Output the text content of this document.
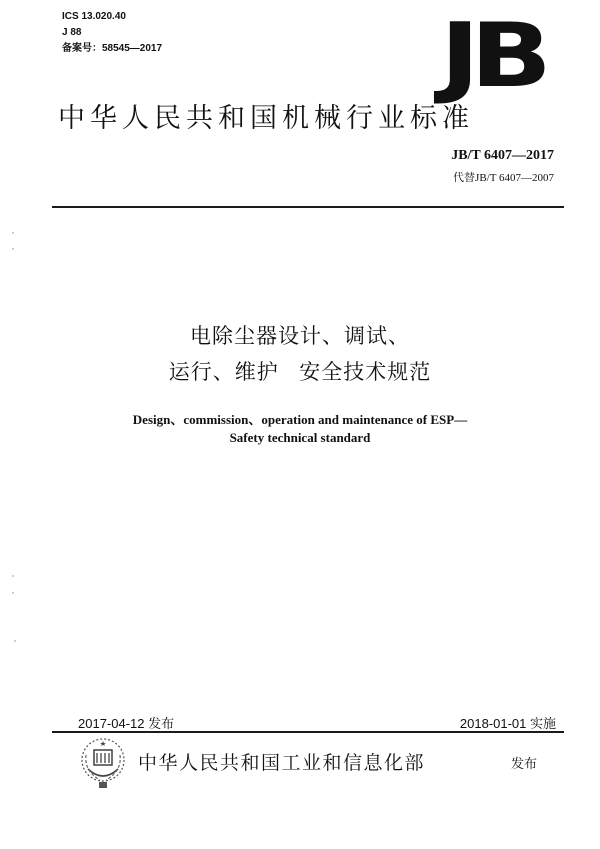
ICS 13.020.40
J 88
备案号：58545—2017	JB
中华人民共和国机械行业标准
JB/T 6407—2017
代替JB/T 6407—2007
电除尘器设计、调试、
运行、维护   安全技术规范
Design、commission、operation and maintenance of ESP—
Safety technical standard
2017-04-12 发布	2018-01-01 实施
中华人民共和国工业和信息化部	发布
